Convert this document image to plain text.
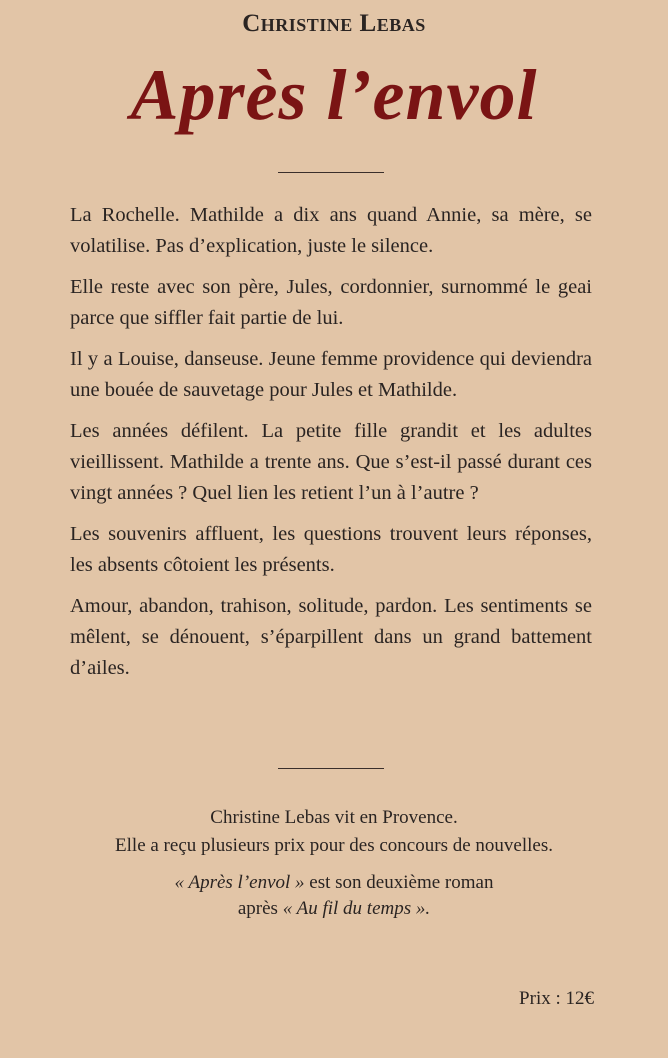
Christine Lebas
Après l’envol

La Rochelle. Mathilde a dix ans quand Annie, sa mère, se volatilise. Pas d’explication, juste le silence.

Elle reste avec son père, Jules, cordonnier, surnommé le geai parce que siffler fait partie de lui.

Il y a Louise, danseuse. Jeune femme providence qui deviendra une bouée de sauvetage pour Jules et Mathilde.

Les années défilent. La petite fille grandit et les adultes vieillissent. Mathilde a trente ans. Que s’est-il passé durant ces vingt années ? Quel lien les retient l’un à l’autre ?

Les souvenirs affluent, les questions trouvent leurs réponses, les absents côtoient les présents.

Amour, abandon, trahison, solitude, pardon. Les sentiments se mêlent, se dénouent, s’éparpillent dans un grand battement d’ailes.

Christine Lebas vit en Provence.

Elle a reçu plusieurs prix pour des concours de nouvelles.

« Après l’envol » est son deuxième roman
après « Au fil du temps ».

Prix : 12€
